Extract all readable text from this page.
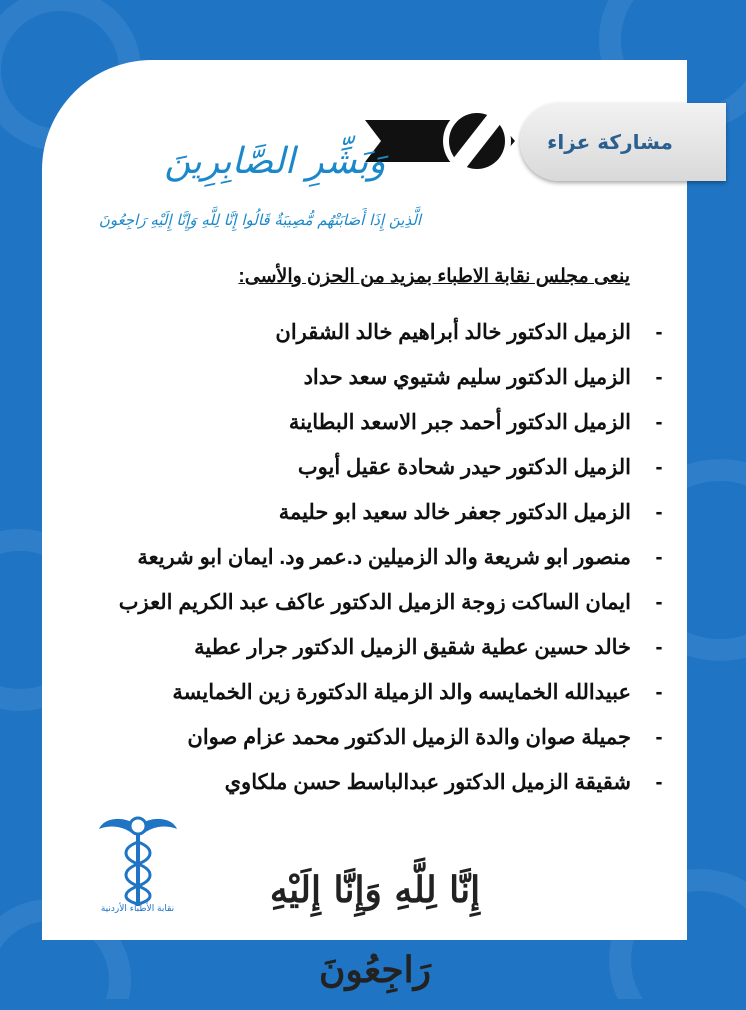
مشاركة عزاء
وَبَشِّرِ الصَّابِرِينَ
الَّذِينَ إِذَا أَصَابَتْهُم مُّصِيبَةٌ قَالُوا إِنَّا لِلَّهِ وَإِنَّا إِلَيْهِ رَاجِعُونَ
ينعى مجلس نقابة الاطباء بمزيد من الحزن والأسى:
-
الزميل الدكتور خالد أبراهيم خالد الشقران
-
الزميل الدكتور سليم شتيوي سعد حداد
-
الزميل الدكتور أحمد جبر الاسعد البطاينة
-
الزميل الدكتور حيدر شحادة عقيل أيوب
-
الزميل الدكتور جعفر خالد سعيد ابو حليمة
-
منصور ابو شريعة والد الزميلين د.عمر ود. ايمان ابو شريعة
-
ايمان الساكت زوجة الزميل الدكتور عاكف عبد الكريم العزب
-
خالد حسين عطية شقيق الزميل الدكتور جرار عطية
-
عبيدالله الخمايسه والد الزميلة الدكتورة زين الخمايسة
-
جميلة صوان والدة الزميل الدكتور محمد عزام صوان
-
شقيقة الزميل الدكتور عبدالباسط حسن ملكاوي
نقابة الأطباء الأردنية	إِنَّا لِلَّهِ وَإِنَّا إِلَيْهِ رَاجِعُونَ
